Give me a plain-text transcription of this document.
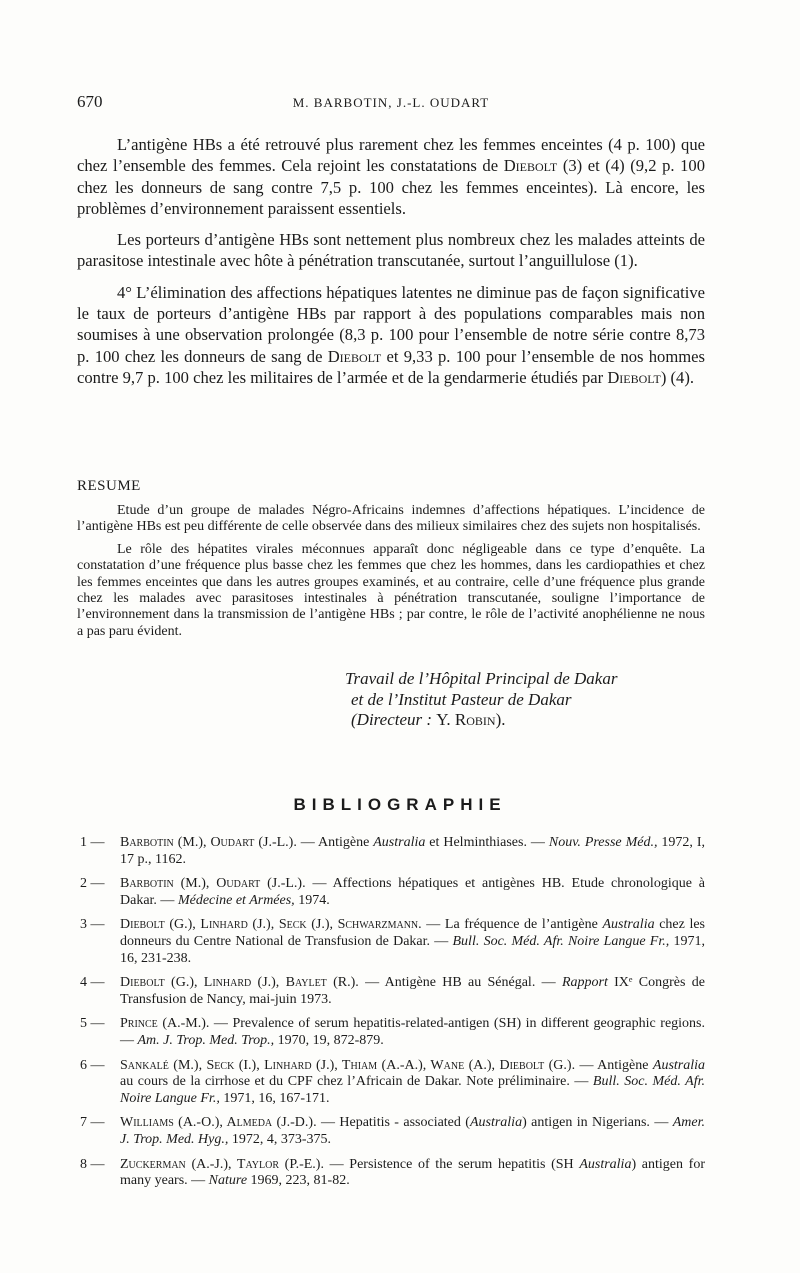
670	M. BARBOTIN, J.-L. OUDART

L’antigène HBs a été retrouvé plus rarement chez les femmes enceintes (4 p. 100) que chez l’ensemble des femmes. Cela rejoint les constatations de Diebolt (3) et (4) (9,2 p. 100 chez les donneurs de sang contre 7,5 p. 100 chez les femmes enceintes). Là encore, les problèmes d’environnement paraissent essentiels.

Les porteurs d’antigène HBs sont nettement plus nombreux chez les malades atteints de parasitose intestinale avec hôte à pénétration transcutanée, surtout l’anguillulose (1).

4° L’élimination des affections hépatiques latentes ne diminue pas de façon significative le taux de porteurs d’antigène HBs par rapport à des populations comparables mais non soumises à une observation prolongée (8,3 p. 100 pour l’ensemble de notre série contre 8,73 p. 100 chez les donneurs de sang de Diebolt et 9,33 p. 100 pour l’ensemble de nos hommes contre 9,7 p. 100 chez les militaires de l’armée et de la gendarmerie étudiés par Diebolt) (4).

RESUME

Etude d’un groupe de malades Négro-Africains indemnes d’affections hépatiques. L’incidence de l’antigène HBs est peu différente de celle observée dans des milieux similaires chez des sujets non hospitalisés.

Le rôle des hépatites virales méconnues apparaît donc négligeable dans ce type d’enquête. La constatation d’une fréquence plus basse chez les femmes que chez les hommes, dans les cardiopathies et chez les femmes enceintes que dans les autres groupes examinés, et au contraire, celle d’une fréquence plus grande chez les malades avec parasitoses intestinales à pénétration transcutanée, souligne l’importance de l’environnement dans la transmission de l’antigène HBs ; par contre, le rôle de l’activité anophélienne ne nous a pas paru évident.

Travail de l’Hôpital Principal de Dakar
et de l’Institut Pasteur de Dakar
(Directeur : Y. Robin).
BIBLIOGRAPHIE
1 —	Barbotin (M.), Oudart (J.-L.). — Antigène Australia et Helminthiases. — Nouv. Presse Méd., 1972, I, 17 p., 1162.
2 —	Barbotin (M.), Oudart (J.-L.). — Affections hépatiques et antigènes HB. Etude chronologique à Dakar. — Médecine et Armées, 1974.
3 —	Diebolt (G.), Linhard (J.), Seck (J.), Schwarzmann. — La fréquence de l’antigène Australia chez les donneurs du Centre National de Transfusion de Dakar. — Bull. Soc. Méd. Afr. Noire Langue Fr., 1971, 16, 231-238.
4 —	Diebolt (G.), Linhard (J.), Baylet (R.). — Antigène HB au Sénégal. — Rapport IXᵉ Congrès de Transfusion de Nancy, mai-juin 1973.
5 —	Prince (A.-M.). — Prevalence of serum hepatitis-related-antigen (SH) in different geographic regions. — Am. J. Trop. Med. Trop., 1970, 19, 872-879.
6 —	Sankalé (M.), Seck (I.), Linhard (J.), Thiam (A.-A.), Wane (A.), Diebolt (G.). — Antigène Australia au cours de la cirrhose et du CPF chez l’Africain de Dakar. Note préliminaire. — Bull. Soc. Méd. Afr. Noire Langue Fr., 1971, 16, 167-171.
7 —	Williams (A.-O.), Almeda (J.-D.). — Hepatitis - associated (Australia) antigen in Nigerians. — Amer. J. Trop. Med. Hyg., 1972, 4, 373-375.
8 —	Zuckerman (A.-J.), Taylor (P.-E.). — Persistence of the serum hepatitis (SH Australia) antigen for many years. — Nature 1969, 223, 81-82.
